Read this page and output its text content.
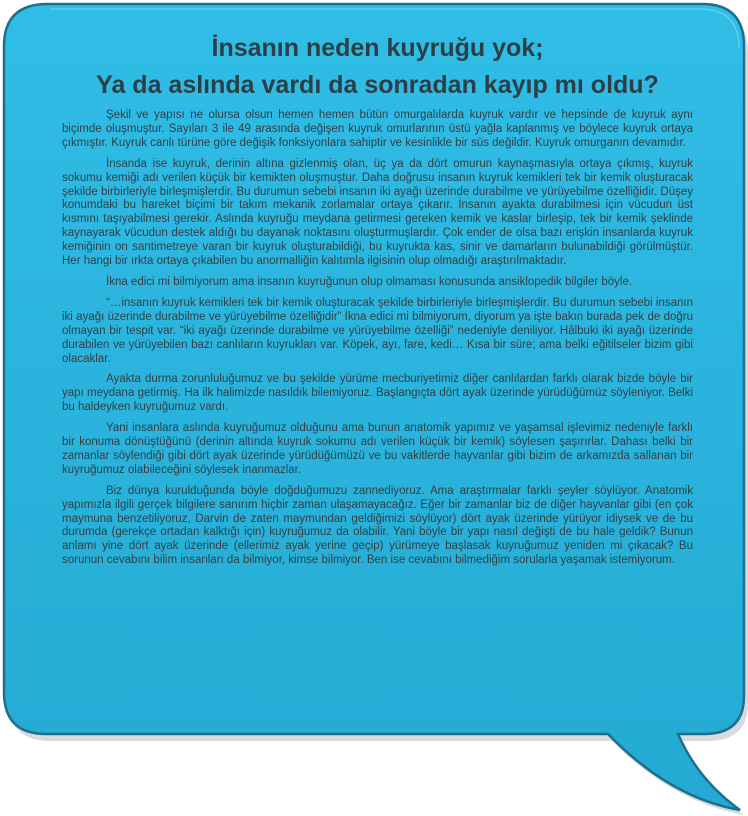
İnsanın neden kuyruğu yok;
Ya da aslında vardı da sonradan kayıp mı oldu?

Şekil ve yapısı ne olursa olsun hemen hemen bütün omurgalılarda kuyruk vardır ve hepsinde de kuyruk aynı biçimde oluşmuştur. Sayıları 3 ile 49 arasında değişen kuyruk omurlarının üstü yağla kaplanmış ve böylece kuyruk ortaya çıkmıştır. Kuyruk canlı türüne göre değişik fonksiyonlara sahiptir ve kesinlikle bir süs değildir. Kuyruk omurganın devamıdır.

İnsanda ise kuyruk, derinin altına gizlenmiş olan, üç ya da dört omurun kaynaşmasıyla ortaya çıkmış, kuyruk sokumu kemiği adı verilen küçük bir kemikten oluşmuştur. Daha doğrusu insanın kuyruk kemikleri tek bir kemik oluşturacak şekilde birbirleriyle birleşmişlerdir. Bu durumun sebebi insanın iki ayağı üzerinde durabilme ve yürüyebilme özelliğidir. Düşey konumdaki bu hareket biçimi bir takım mekanik zorlamalar ortaya çıkarır. İnsanın ayakta durabilmesi için vücudun üst kısmını taşıyabilmesi gerekir. Aslında kuyruğu meydana getirmesi gereken kemik ve kaslar birleşip, tek bir kemik şeklinde kaynayarak vücudun destek aldığı bu dayanak noktasını oluşturmuşlardır. Çok ender de olsa bazı erişkin insanlarda kuyruk kemiğinin on santimetreye varan bir kuyruk oluşturabildiği, bu kuyrukta kas, sinir ve damarların bulunabildiği görülmüştür. Her hangi bir ırkta ortaya çıkabilen bu anormalliğin kalıtımla ilgisinin olup olmadığı araştırılmaktadır.

İkna edici mi bilmiyorum ama insanın kuyruğunun olup olmaması konusunda ansiklopedik bilgiler böyle.

“…insanın kuyruk kemikleri tek bir kemik oluşturacak şekilde birbirleriyle birleşmişlerdir. Bu durumun sebebi insanın iki ayağı üzerinde durabilme ve yürüyebilme özelliğidir” İkna edici mi bilmiyorum, diyorum ya işte bakın burada pek de doğru olmayan bir tespit var. “iki ayağı üzerinde durabilme ve yürüyebilme özelliği” nedeniyle deniliyor. Hâlbuki iki ayağı üzerinde durabilen ve yürüyebilen bazı canlıların kuyrukları var. Köpek, ayı, fare, kedi… Kısa bir süre; ama belki eğitilseler bizim gibi olacaklar.

Ayakta durma zorunluluğumuz ve bu şekilde yürüme mecburiyetimiz diğer canlılardan farklı olarak bizde böyle bir yapı meydana getirmiş. Ha ilk halimizde nasıldık bilemiyoruz. Başlangıçta dört ayak üzerinde yürüdüğümüz söyleniyor. Belki bu haldeyken kuyruğumuz vardı.

Yani insanlara aslında kuyruğumuz olduğunu ama bunun anatomik yapımız ve yaşamsal işlevimiz nedeniyle farklı bir konuma dönüştüğünü (derinin altında kuyruk sokumu adı verilen küçük bir kemik) söylesen şaşırırlar. Dahası belki bir zamanlar söylendiği gibi dört ayak üzerinde yürüdüğümüzü ve bu vakitlerde hayvanlar gibi bizim de arkamızda sallanan bir kuyruğumuz olabileceğini söylesek inanmazlar.

Biz dünya kurulduğunda böyle doğduğumuzu zannediyoruz. Ama araştırmalar farklı şeyler söylüyor. Anatomik yapımızla ilgili gerçek bilgilere sanırım hiçbir zaman ulaşamayacağız. Eğer bir zamanlar biz de diğer hayvanlar gibi (en çok maymuna benzetiliyoruz, Darvin de zaten maymundan geldiğimizi söylüyor) dört ayak üzerinde yürüyor idiysek ve de bu durumda (gerekçe ortadan kalktığı için) kuyruğumuz da olabilir. Yani böyle bir yapı nasıl değişti de bu hale geldik? Bunun anlamı yine dört ayak üzerinde (ellerimiz ayak yerine geçip) yürümeye başlasak kuyruğumuz yeniden mi çıkacak? Bu sorunun cevabını bilim insanları da bilmiyor, kimse bilmiyor. Ben ise cevabını bilmediğim sorularla yaşamak istemiyorum.
